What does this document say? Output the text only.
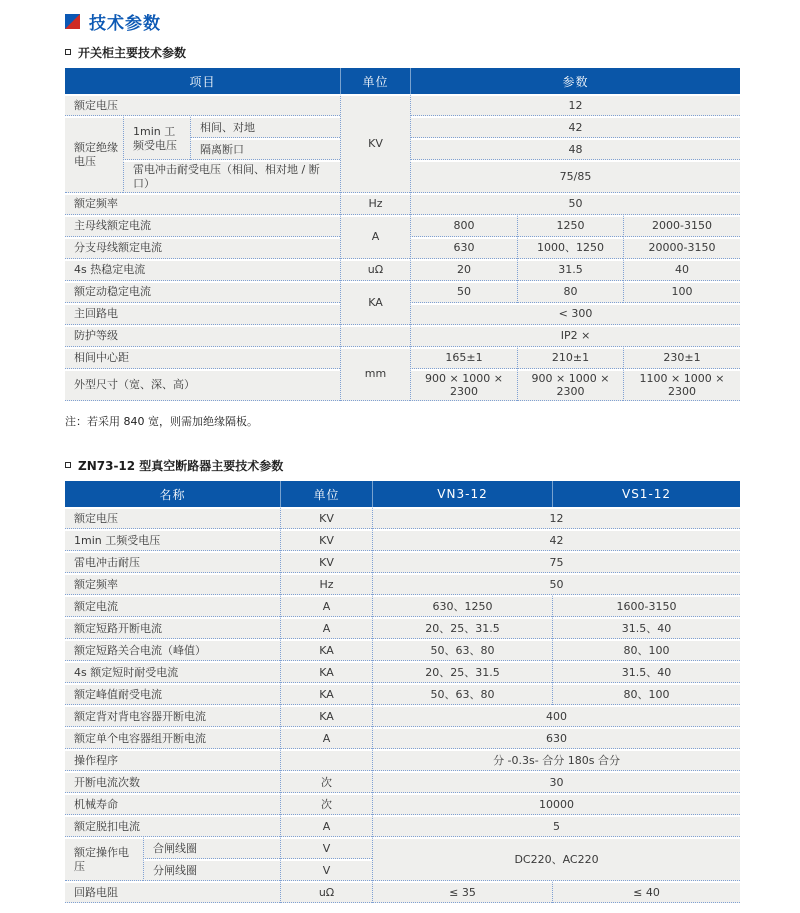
技术参数
开关柜主要技术参数
项目			单位	参数		
额定电压			KV	12		
额定绝缘电压	1min 工频受电压	相间、对地		42		
		隔离断口		48		
	雷电冲击耐受电压（相间、相对地 / 断口）			75/85		
额定频率			Hz	50		
主母线额定电流			A	800	1250	2000-3150
分支母线额定电流				630	1000、1250	20000-3150
4s 热稳定电流			uΩ	20	31.5	40
额定动稳定电流			KA	50	80	100
主回路电				< 300		
防护等级				IP2 ×		
相间中心距			mm	165±1	210±1	230±1
外型尺寸（宽、深、高）				900 × 1000 × 2300	900 × 1000 × 2300	1100 × 1000 × 2300
注：若采用 840 宽，则需加绝缘隔板。
ZN73-12 型真空断路器主要技术参数
名称		单位	VN3-12	VS1-12
额定电压		KV	12	
1min 工频受电压		KV	42	
雷电冲击耐压		KV	75	
额定频率		Hz	50	
额定电流		A	630、1250	1600-3150
额定短路开断电流		A	20、25、31.5	31.5、40
额定短路关合电流（峰值）		KA	50、63、80	80、100
4s 额定短时耐受电流		KA	20、25、31.5	31.5、40
额定峰值耐受电流		KA	50、63、80	80、100
额定背对背电容器开断电流		KA	400	
额定单个电容器组开断电流		A	630	
操作程序			分 -0.3s- 合分 180s 合分	
开断电流次数		次	30	
机械寿命		次	10000	
额定脱扣电流		A	5	
额定操作电压	合闸线圈	V	DC220、AC220	
	分闸线圈	V		
回路电阻		uΩ	≤ 35	≤ 40
